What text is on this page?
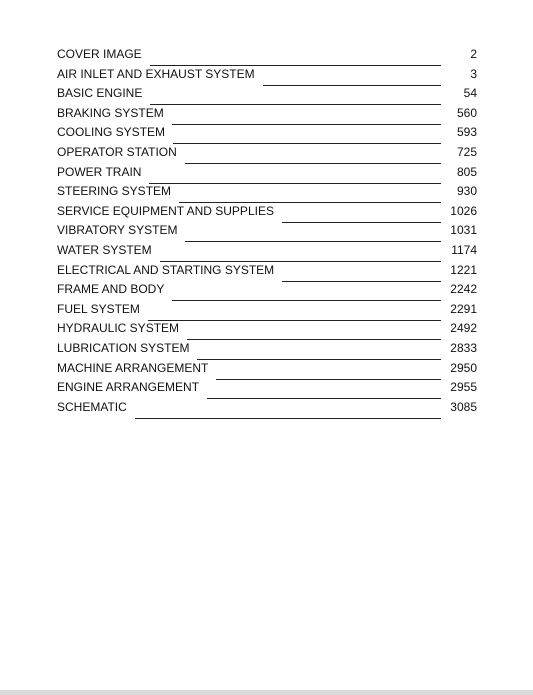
COVER IMAGE	2
AIR INLET AND EXHAUST SYSTEM	3
BASIC ENGINE	54
BRAKING SYSTEM	560
COOLING SYSTEM	593
OPERATOR STATION	725
POWER TRAIN	805
STEERING SYSTEM	930
SERVICE EQUIPMENT AND SUPPLIES	1026
VIBRATORY SYSTEM	1031
WATER SYSTEM	1174
ELECTRICAL AND STARTING SYSTEM	1221
FRAME AND BODY	2242
FUEL SYSTEM	2291
HYDRAULIC SYSTEM	2492
LUBRICATION SYSTEM	2833
MACHINE ARRANGEMENT	2950
ENGINE ARRANGEMENT	2955
SCHEMATIC	3085
